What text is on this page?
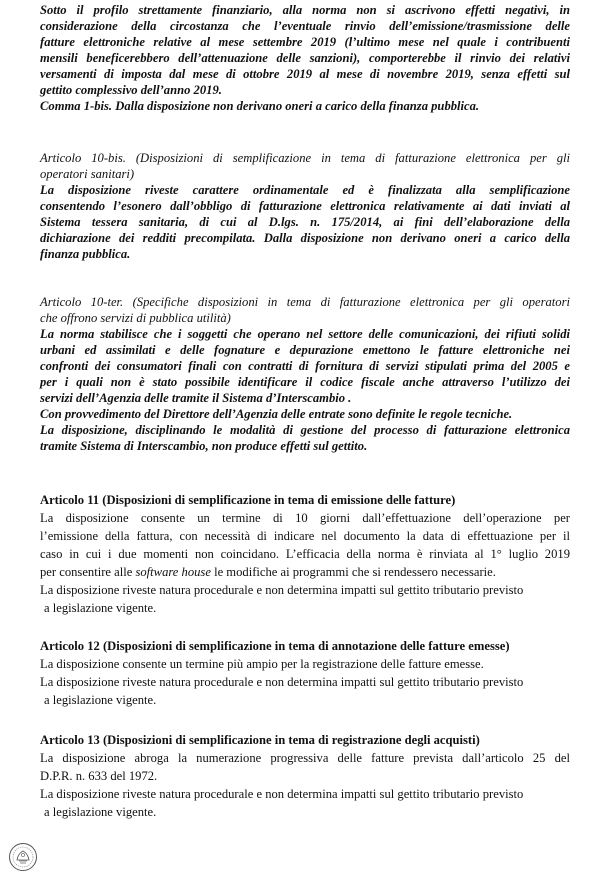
Sotto il profilo strettamente finanziario, alla norma non si ascrivono effetti negativi, in
considerazione della circostanza che l’eventuale rinvio dell’emissione/trasmissione delle
fatture elettroniche relative al mese settembre 2019 (l’ultimo mese nel quale i contribuenti
mensili beneficerebbero dell’attenuazione delle sanzioni), comporterebbe il rinvio dei relativi
versamenti di imposta dal mese di ottobre 2019 al mese di novembre 2019, senza effetti sul
gettito complessivo dell’anno 2019.
Comma 1-bis. Dalla disposizione non derivano oneri a carico della finanza pubblica.
Articolo 10-bis. (Disposizioni di semplificazione in tema di fatturazione elettronica per gli
operatori sanitari)
La disposizione riveste carattere ordinamentale ed è finalizzata alla semplificazione
consentendo l’esonero dall’obbligo di fatturazione elettronica relativamente ai dati inviati al
Sistema tessera sanitaria, di cui al D.lgs. n. 175/2014, ai fini dell’elaborazione della
dichiarazione dei redditi precompilata. Dalla disposizione non derivano oneri a carico della
finanza pubblica.
Articolo 10-ter. (Specifiche disposizioni in tema di fatturazione elettronica per gli operatori
che offrono servizi di pubblica utilità)
La norma stabilisce che i soggetti che operano nel settore delle comunicazioni, dei rifiuti solidi
urbani ed assimilati e delle fognature e depurazione emettono le fatture elettroniche nei
confronti dei consumatori finali con contratti di fornitura di servizi stipulati prima del 2005 e
per i quali non è stato possibile identificare il codice fiscale anche attraverso l’utilizzo dei
servizi dell’Agenzia delle tramite il Sistema d’Interscambio .
Con provvedimento del Direttore dell’Agenzia delle entrate sono definite le regole tecniche.
La disposizione, disciplinando le modalità di gestione del processo di fatturazione elettronica
tramite Sistema di Interscambio, non produce effetti sul gettito.
Articolo 11 (Disposizioni di semplificazione in tema di emissione delle fatture)
La disposizione consente un termine di 10 giorni dall’effettuazione dell’operazione per
l’emissione della fattura, con necessità di indicare nel documento la data di effettuazione per il
caso in cui i due momenti non coincidano. L’efficacia della norma è rinviata al 1° luglio 2019
per consentire alle software house le modifiche ai programmi che si rendessero necessarie.
La disposizione riveste natura procedurale e non determina impatti sul gettito tributario previsto
a legislazione vigente.
Articolo 12 (Disposizioni di semplificazione in tema di annotazione delle fatture emesse)
La disposizione consente un termine più ampio per la registrazione delle fatture emesse.
La disposizione riveste natura procedurale e non determina impatti sul gettito tributario previsto
a legislazione vigente.
Articolo 13 (Disposizioni di semplificazione in tema di registrazione degli acquisti)
La disposizione abroga la numerazione progressiva delle fatture prevista dall’articolo 25 del
D.P.R. n. 633 del 1972.
La disposizione riveste natura procedurale e non determina impatti sul gettito tributario previsto
a legislazione vigente.
